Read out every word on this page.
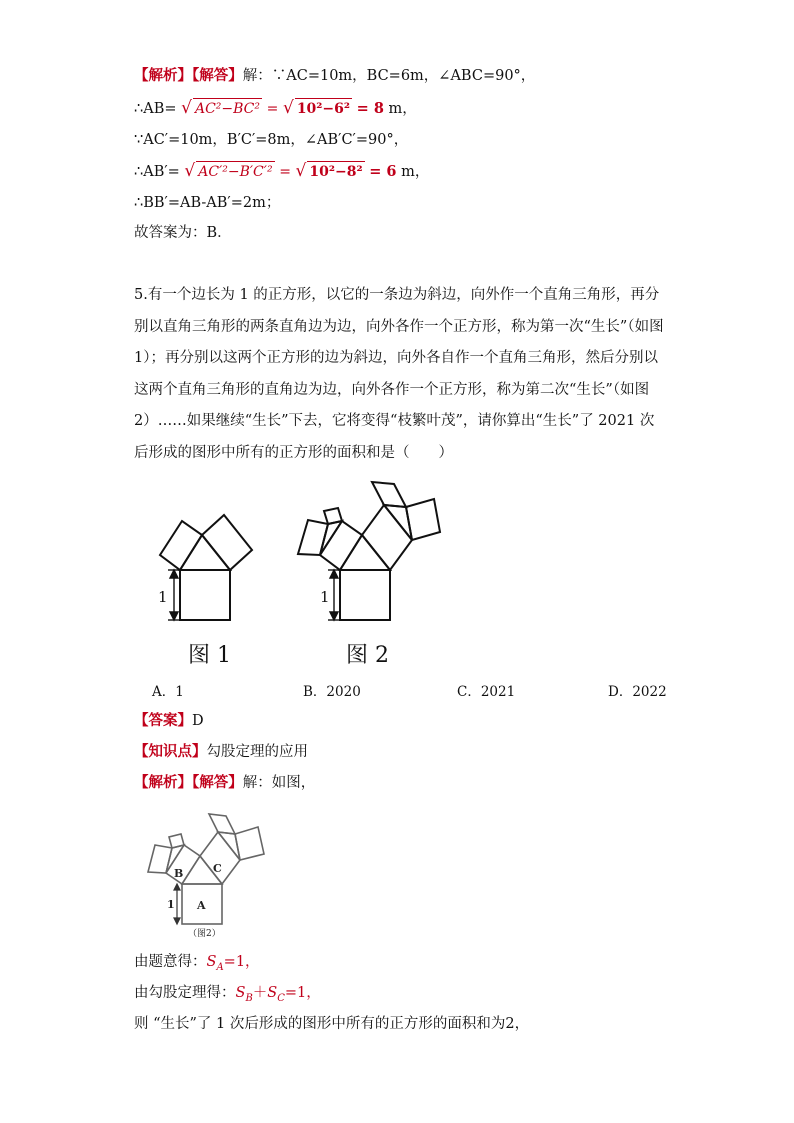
【解析】【解答】解：∵AC=10m，BC=6m，∠ABC=90°，
∴AB= √ AC²−BC² = √ 10²−6² = 8 m，
∵AC′=10m，B′C′=8m，∠AB′C′=90°，
∴AB′= √ AC′²−B′C′² = √ 10²−8² = 6 m，
∴BB′=AB-AB′=2m；
故答案为：B．
5.有一个边长为 1 的正方形，以它的一条边为斜边，向外作一个直角三角形，再分别以直角三角形的两条直角边为边，向外各作一个正方形，称为第一次“生长”（如图 1）；再分别以这两个正方形的边为斜边，向外各自作一个直角三角形，然后分别以这两个直角三角形的直角边为边，向外各作一个正方形，称为第二次“生长”（如图 2）……如果继续“生长”下去，它将变得“枝繁叶茂”，请你算出“生长”了 2021 次后形成的图形中所有的正方形的面积和是（　　）
1
图 1
1
图 2
A．1	B．2020	C．2021	D．2022
【答案】D
【知识点】勾股定理的应用
【解析】【解答】解：如图，
A
B	C
1
（图2）
由题意得：$S_A=1$，
由勾股定理得：$S_B+S_C=1$，
则 “生长”了 1 次后形成的图形中所有的正方形的面积和为2，
